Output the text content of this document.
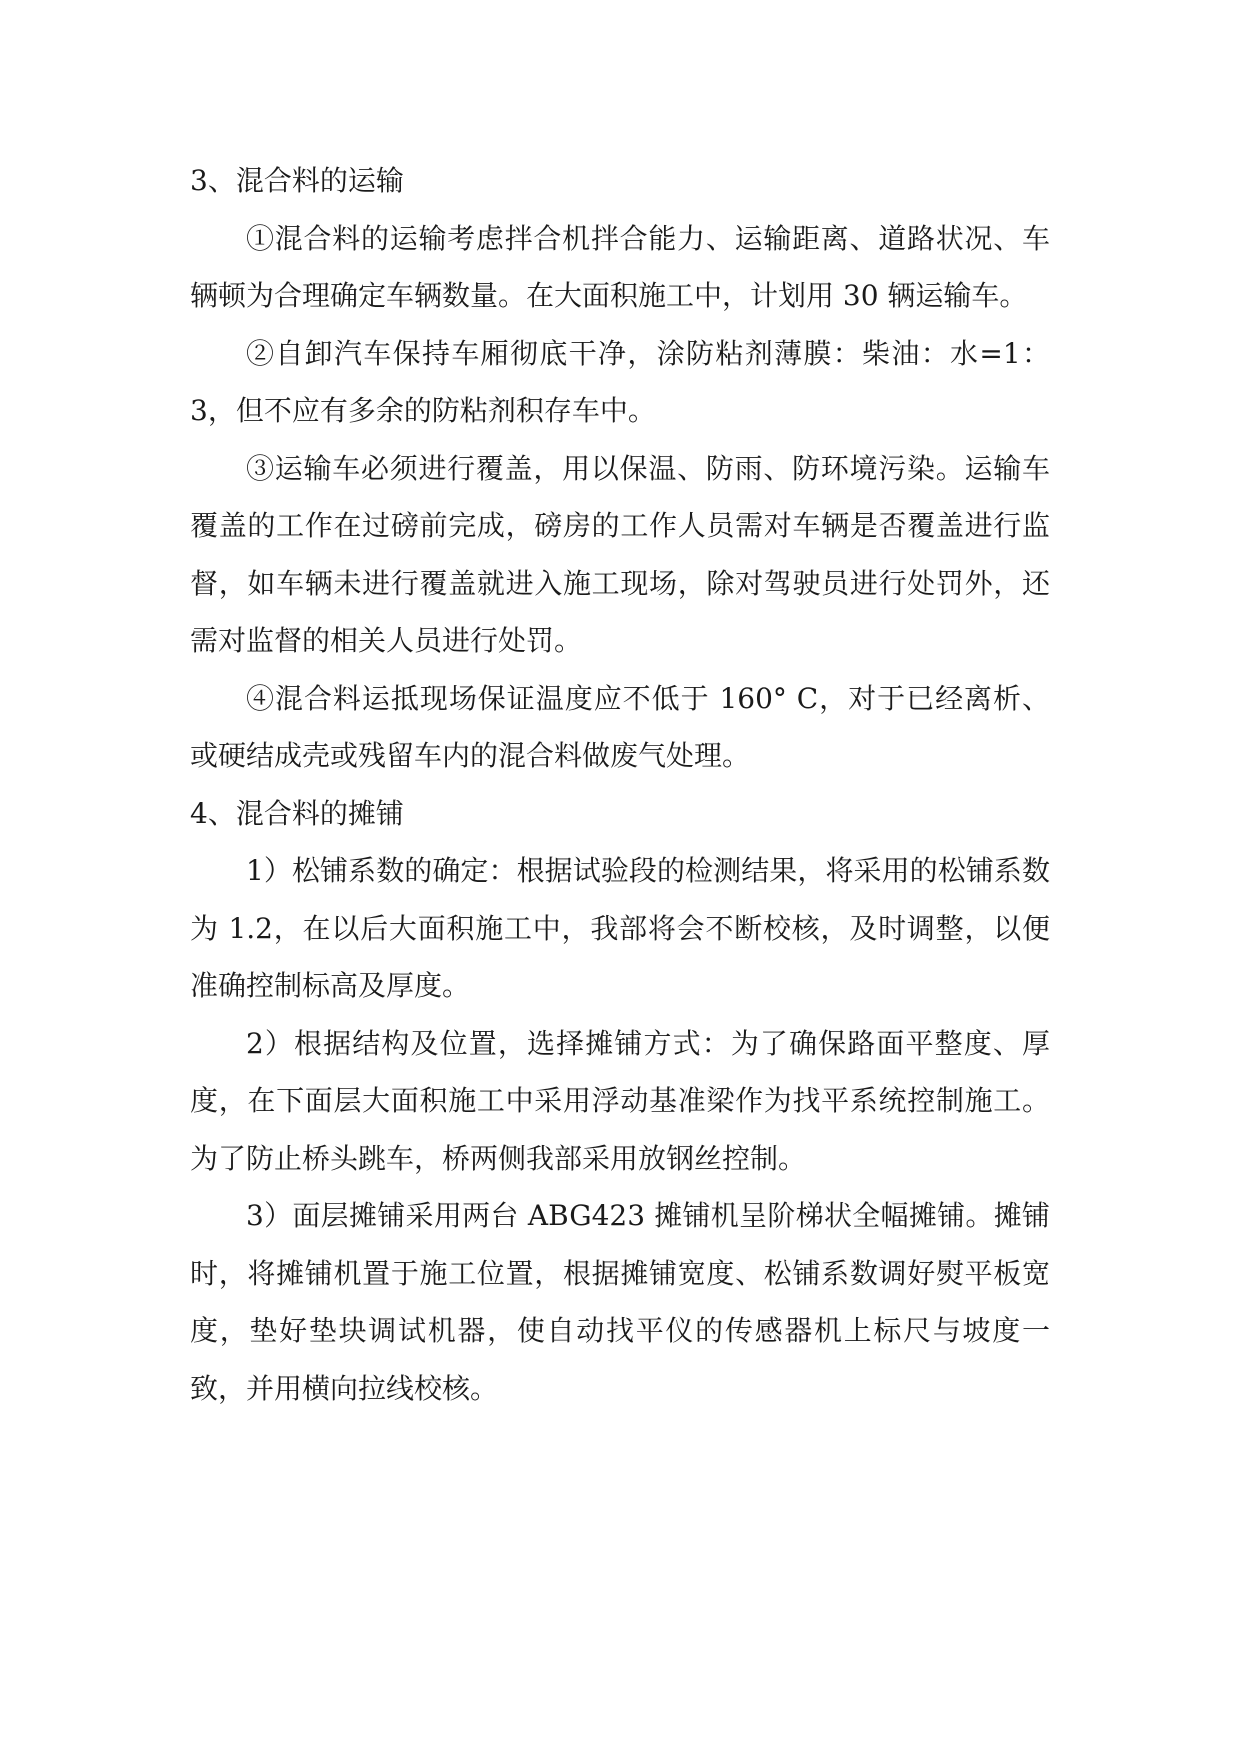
3、混合料的运输

①混合料的运输考虑拌合机拌合能力、运输距离、道路状况、车辆顿为合理确定车辆数量。在大面积施工中，计划用 30 辆运输车。

②自卸汽车保持车厢彻底干净，涂防粘剂薄膜：柴油：水=1：3，但不应有多余的防粘剂积存车中。

③运输车必须进行覆盖，用以保温、防雨、防环境污染。运输车覆盖的工作在过磅前完成，磅房的工作人员需对车辆是否覆盖进行监督，如车辆未进行覆盖就进入施工现场，除对驾驶员进行处罚外，还需对监督的相关人员进行处罚。

④混合料运抵现场保证温度应不低于 160° C，对于已经离析、或硬结成壳或残留车内的混合料做废气处理。

4、混合料的摊铺

1）松铺系数的确定：根据试验段的检测结果，将采用的松铺系数为 1.2，在以后大面积施工中，我部将会不断校核，及时调整，以便准确控制标高及厚度。

2）根据结构及位置，选择摊铺方式：为了确保路面平整度、厚度，在下面层大面积施工中采用浮动基准梁作为找平系统控制施工。为了防止桥头跳车，桥两侧我部采用放钢丝控制。

3）面层摊铺采用两台 ABG423 摊铺机呈阶梯状全幅摊铺。摊铺时，将摊铺机置于施工位置，根据摊铺宽度、松铺系数调好熨平板宽度，垫好垫块调试机器，使自动找平仪的传感器机上标尺与坡度一致，并用横向拉线校核。
